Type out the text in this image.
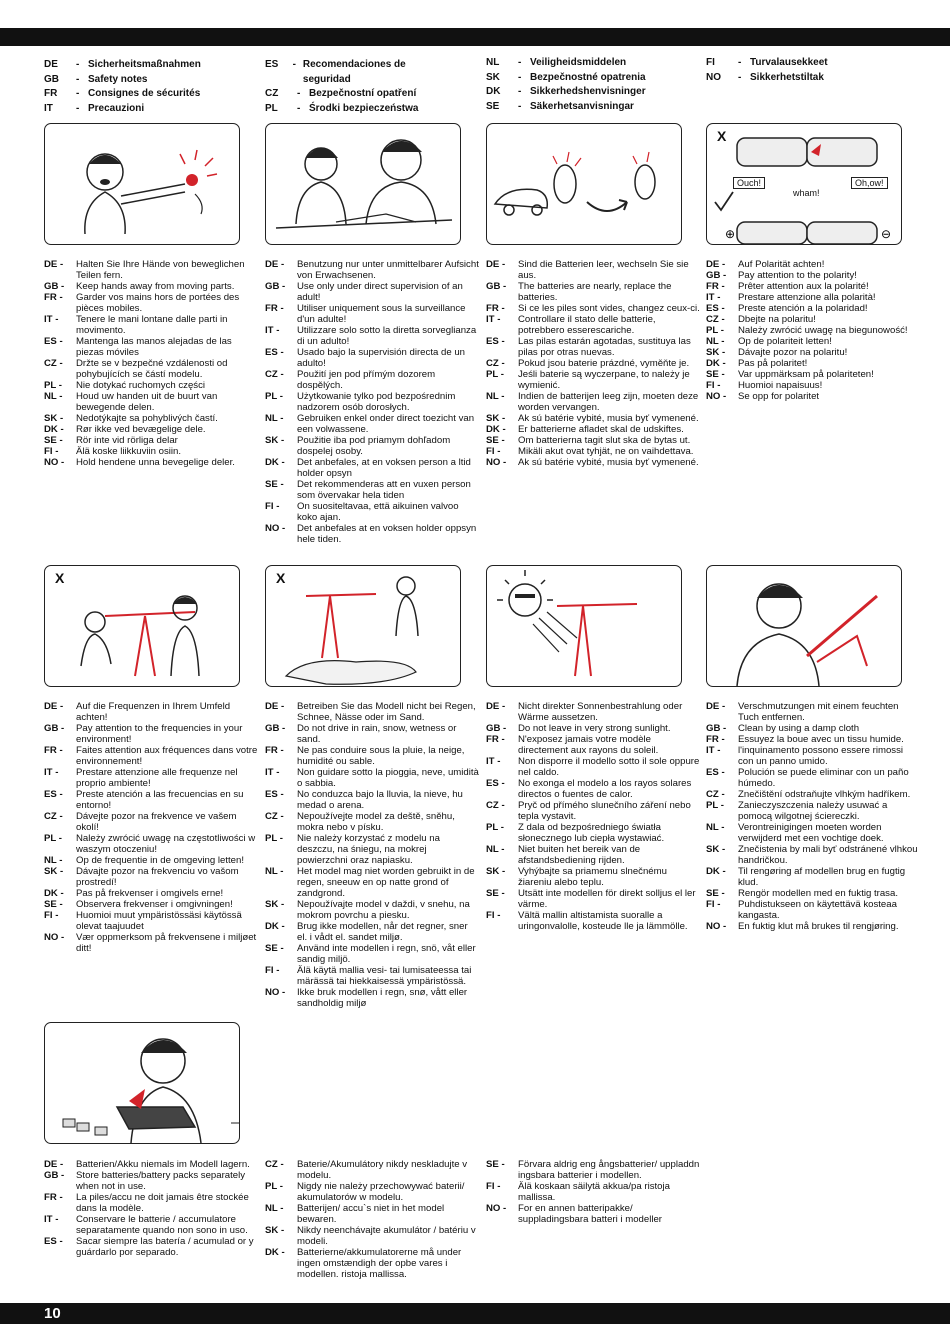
DE	- Sicherheitsmaßnahmen
GB	- Safety notes
FR	- Consignes de sécurités
IT	- Precauzioni
ES	- Recomendaciones de seguridad
CZ	- Bezpečnostní opatření
PL	- Środki bezpieczeństwa
NL	- Veiligheidsmiddelen
SK	- Bezpečnostné opatrenia
DK	- Sikkerhedshenvisninger
SE	- Säkerhetsanvisningar
FI	- Turvalausekkeet
NO	- Sikkerhetstiltak
X
⊕	⊖
Ouch!
wham!
Oh,ow!
DE -	Halten Sie Ihre Hände von beweglichen Teilen fern.
GB -	Keep hands away from moving parts.
FR -	Garder vos mains hors de portées des pièces mobiles.
IT -	Tenere le mani lontane dalle parti in movimento.
ES -	Mantenga las manos alejadas de las piezas móviles
CZ -	Držte se v bezpečné vzdálenosti od pohybujících se částí modelu.
PL -	Nie dotykać ruchomych części
NL -	Houd uw handen uit de buurt van bewegende delen.
SK -	Nedotýkajte sa pohyblivých častí.
DK -	Rør ikke ved bevægelige dele.
SE -	Rör inte vid rörliga delar
FI -	Älä koske liikkuviin osiin.
NO -	Hold hendene unna bevegelige deler.
DE -	Benutzung nur unter unmittelbarer Aufsicht von Erwachsenen.
GB -	Use only under direct supervision of an adult!
FR -	Utiliser uniquement sous la surveillance d'un adulte!
IT -	Utilizzare solo sotto la diretta sorveglianza di un adulto!
ES -	Usado bajo la supervisión directa de un adulto!
CZ -	Použití jen pod přímým dozorem dospělých.
PL -	Użytkowanie tylko pod bezpośrednim nadzorem osób dorosłych.
NL -	Gebruiken enkel onder direct toezicht van een volwassene.
SK -	Použitie iba pod priamym dohľadom dospelej osoby.
DK -	Det anbefales, at en voksen person a ltid holder opsyn
SE -	Det rekommenderas att en vuxen person som övervakar hela tiden
FI -	On suositeltavaa, että aikuinen valvoo koko ajan.
NO -	Det anbefales at en voksen holder oppsyn hele tiden.
DE -	Sind die Batterien leer, wechseln Sie sie aus.
GB -	The batteries are nearly, replace the batteries.
FR -	Si ce les piles sont vides, changez ceux-ci.
IT -	Controllare il stato delle batterie, potrebbero esserescariche.
ES -	Las pilas estarán agotadas, sustituya las pilas por otras nuevas.
CZ -	Pokud jsou baterie prázdné, vyměňte je.
PL -	Jeśli baterie są wyczerpane, to należy je wymienić.
NL -	Indien de batterijen leeg zijn, moeten deze worden vervangen.
SK -	Ak sú batérie vybité, musia byť vymenené.
DK -	Er batterierne afladet skal de udskiftes.
SE -	Om batterierna tagit slut ska de bytas ut.
FI -	Mikäli akut ovat tyhjät, ne on vaihdettava.
NO -	Ak sú batérie vybité, musia byť vymenené.
DE -	Auf Polarität achten!
GB -	Pay attention to the polarity!
FR -	Prêter attention aux la polarité!
IT -	Prestare attenzione alla polarità!
ES -	Preste atención a la polaridad!
CZ -	Dbejte na polaritu!
PL -	Należy zwrócić uwagę na biegunowość!
NL -	Op de polariteit letten!
SK -	Dávajte pozor na polaritu!
DK -	Pas på polaritet!
SE -	Var uppmärksam på polariteten!
FI -	Huomioi napaisuus!
NO -	Se opp for polaritet
X	X
DE -	Auf die Frequenzen in Ihrem Umfeld achten!
GB -	Pay attention to the frequencies in your environment!
FR -	Faites attention aux fréquences dans votre environnement!
IT -	Prestare attenzione alle frequenze nel proprio ambiente!
ES -	Preste atención a las frecuencias en su entorno!
CZ -	Dávejte pozor na frekvence ve vašem okolí!
PL -	Należy zwrócić uwagę na częstotliwości w waszym otoczeniu!
NL -	Op de frequentie in de omgeving letten!
SK -	Dávajte pozor na frekvenciu vo vašom prostredí!
DK -	Pas på frekvenser i omgivels erne!
SE -	Observera frekvenser i omgivningen!
FI -	Huomioi muut ympäristössäsi käytössä olevat taajuudet
NO -	Vær oppmerksom på frekvensene i miljøet ditt!
DE -	Betreiben Sie das Modell nicht bei Regen, Schnee, Nässe oder im Sand.
GB -	Do not drive in rain, snow, wetness or sand.
FR -	Ne pas conduire sous la pluie, la neige, humidité ou sable.
IT -	Non guidare sotto la pioggia, neve, umidità o sabbia.
ES -	No conduzca bajo la lluvia, la nieve, hu medad o arena.
CZ -	Nepoužívejte model za deště, sněhu, mokra nebo v písku.
PL -	Nie należy korzystać z modelu na deszczu, na śniegu, na mokrej powierzchni oraz napiasku.
NL -	Het model mag niet worden gebruikt in de regen, sneeuw en op natte grond of zandgrond.
SK -	Nepoužívajte model v daždi, v snehu, na mokrom povrchu a piesku.
DK -	Brug ikke modellen, når det regner, sner el. i vådt el. sandet miljø.
SE -	Använd inte modellen i regn, snö, våt eller sandig miljö.
FI -	Älä käytä mallia vesi- tai lumisateessa tai märässä tai hiekkaisessä ympäristössä.
NO -	Ikke bruk modellen i regn, snø, vått eller sandholdig miljø
DE -	Nicht direkter Sonnenbestrahlung oder Wärme aussetzen.
GB -	Do not leave in very strong sunlight.
FR -	N'exposez jamais votre modèle directement aux rayons du soleil.
IT -	Non disporre il modello sotto il sole oppure nel caldo.
ES -	No exonga el modelo a los rayos solares directos o fuentes de calor.
CZ -	Pryč od přímého slunečního záření nebo tepla vystavit.
PL -	Z dala od bezpośredniego światła słonecznego lub ciepła wystawiać.
NL -	Niet buiten het bereik van de afstandsbediening rijden.
SK -	Vyhýbajte sa priamemu slnečnému žiareniu alebo teplu.
SE -	Utsätt inte modellen för direkt solljus el ler värme.
FI -	Vältä mallin altistamista suoralle a uringonvalolle, kosteude lle ja lämmölle.
DE -	Verschmutzungen mit einem feuchten Tuch entfernen.
GB -	Clean by using a damp cloth
FR -	Essuyez la boue avec un tissu humide.
IT -	l'inquinamento possono essere rimossi con un panno umido.
ES -	Polución se puede eliminar con un paño húmedo.
CZ -	Znečištění odstraňujte vlhkým hadříkem.
PL -	Zanieczyszczenia należy usuwać a pomocą wilgotnej ściereczki.
NL -	Verontreinigingen moeten worden verwijderd met een vochtige doek.
SK -	Znečistenia by mali byť odstránené vlhkou handričkou.
DK -	Til rengøring af modellen brug en fugtig klud.
SE -	Rengör modellen med en fuktig trasa.
FI -	Puhdistukseen on käytettävä kosteaa kangasta.
NO -	En fuktig klut må brukes til rengjøring.
DE -	Batterien/Akku niemals im Modell lagern.
GB -	Store batteries/battery packs separately when not in use.
FR -	La piles/accu ne doit jamais être stockée dans la modèle.
IT -	Conservare le batterie / accumulatore separatamente quando non sono in uso.
ES -	Sacar siempre las batería / acumulad or y guárdarlo por separado.
CZ -	Baterie/Akumulátory nikdy neskladujte v modelu.
PL -	Nigdy nie należy przechowywać baterii/ akumulatorów w modelu.
NL -	Batterijen/ accu`s niet in het model bewaren.
SK -	Nikdy neenchávajte akumulátor / batériu v modeli.
DK -	Batterierne/akkumulatorerne må under ingen omstændigh der opbe vares i modellen. ristoja mallissa.
SE -	Förvara aldrig eng ångsbatterier/ uppladdn ingsbara batterier i modellen.
FI -	Älä koskaan säilytä akkua/pa ristoja mallissa.
NO -	For en annen batteripakke/ suppladingsbara batteri i modeller
10
